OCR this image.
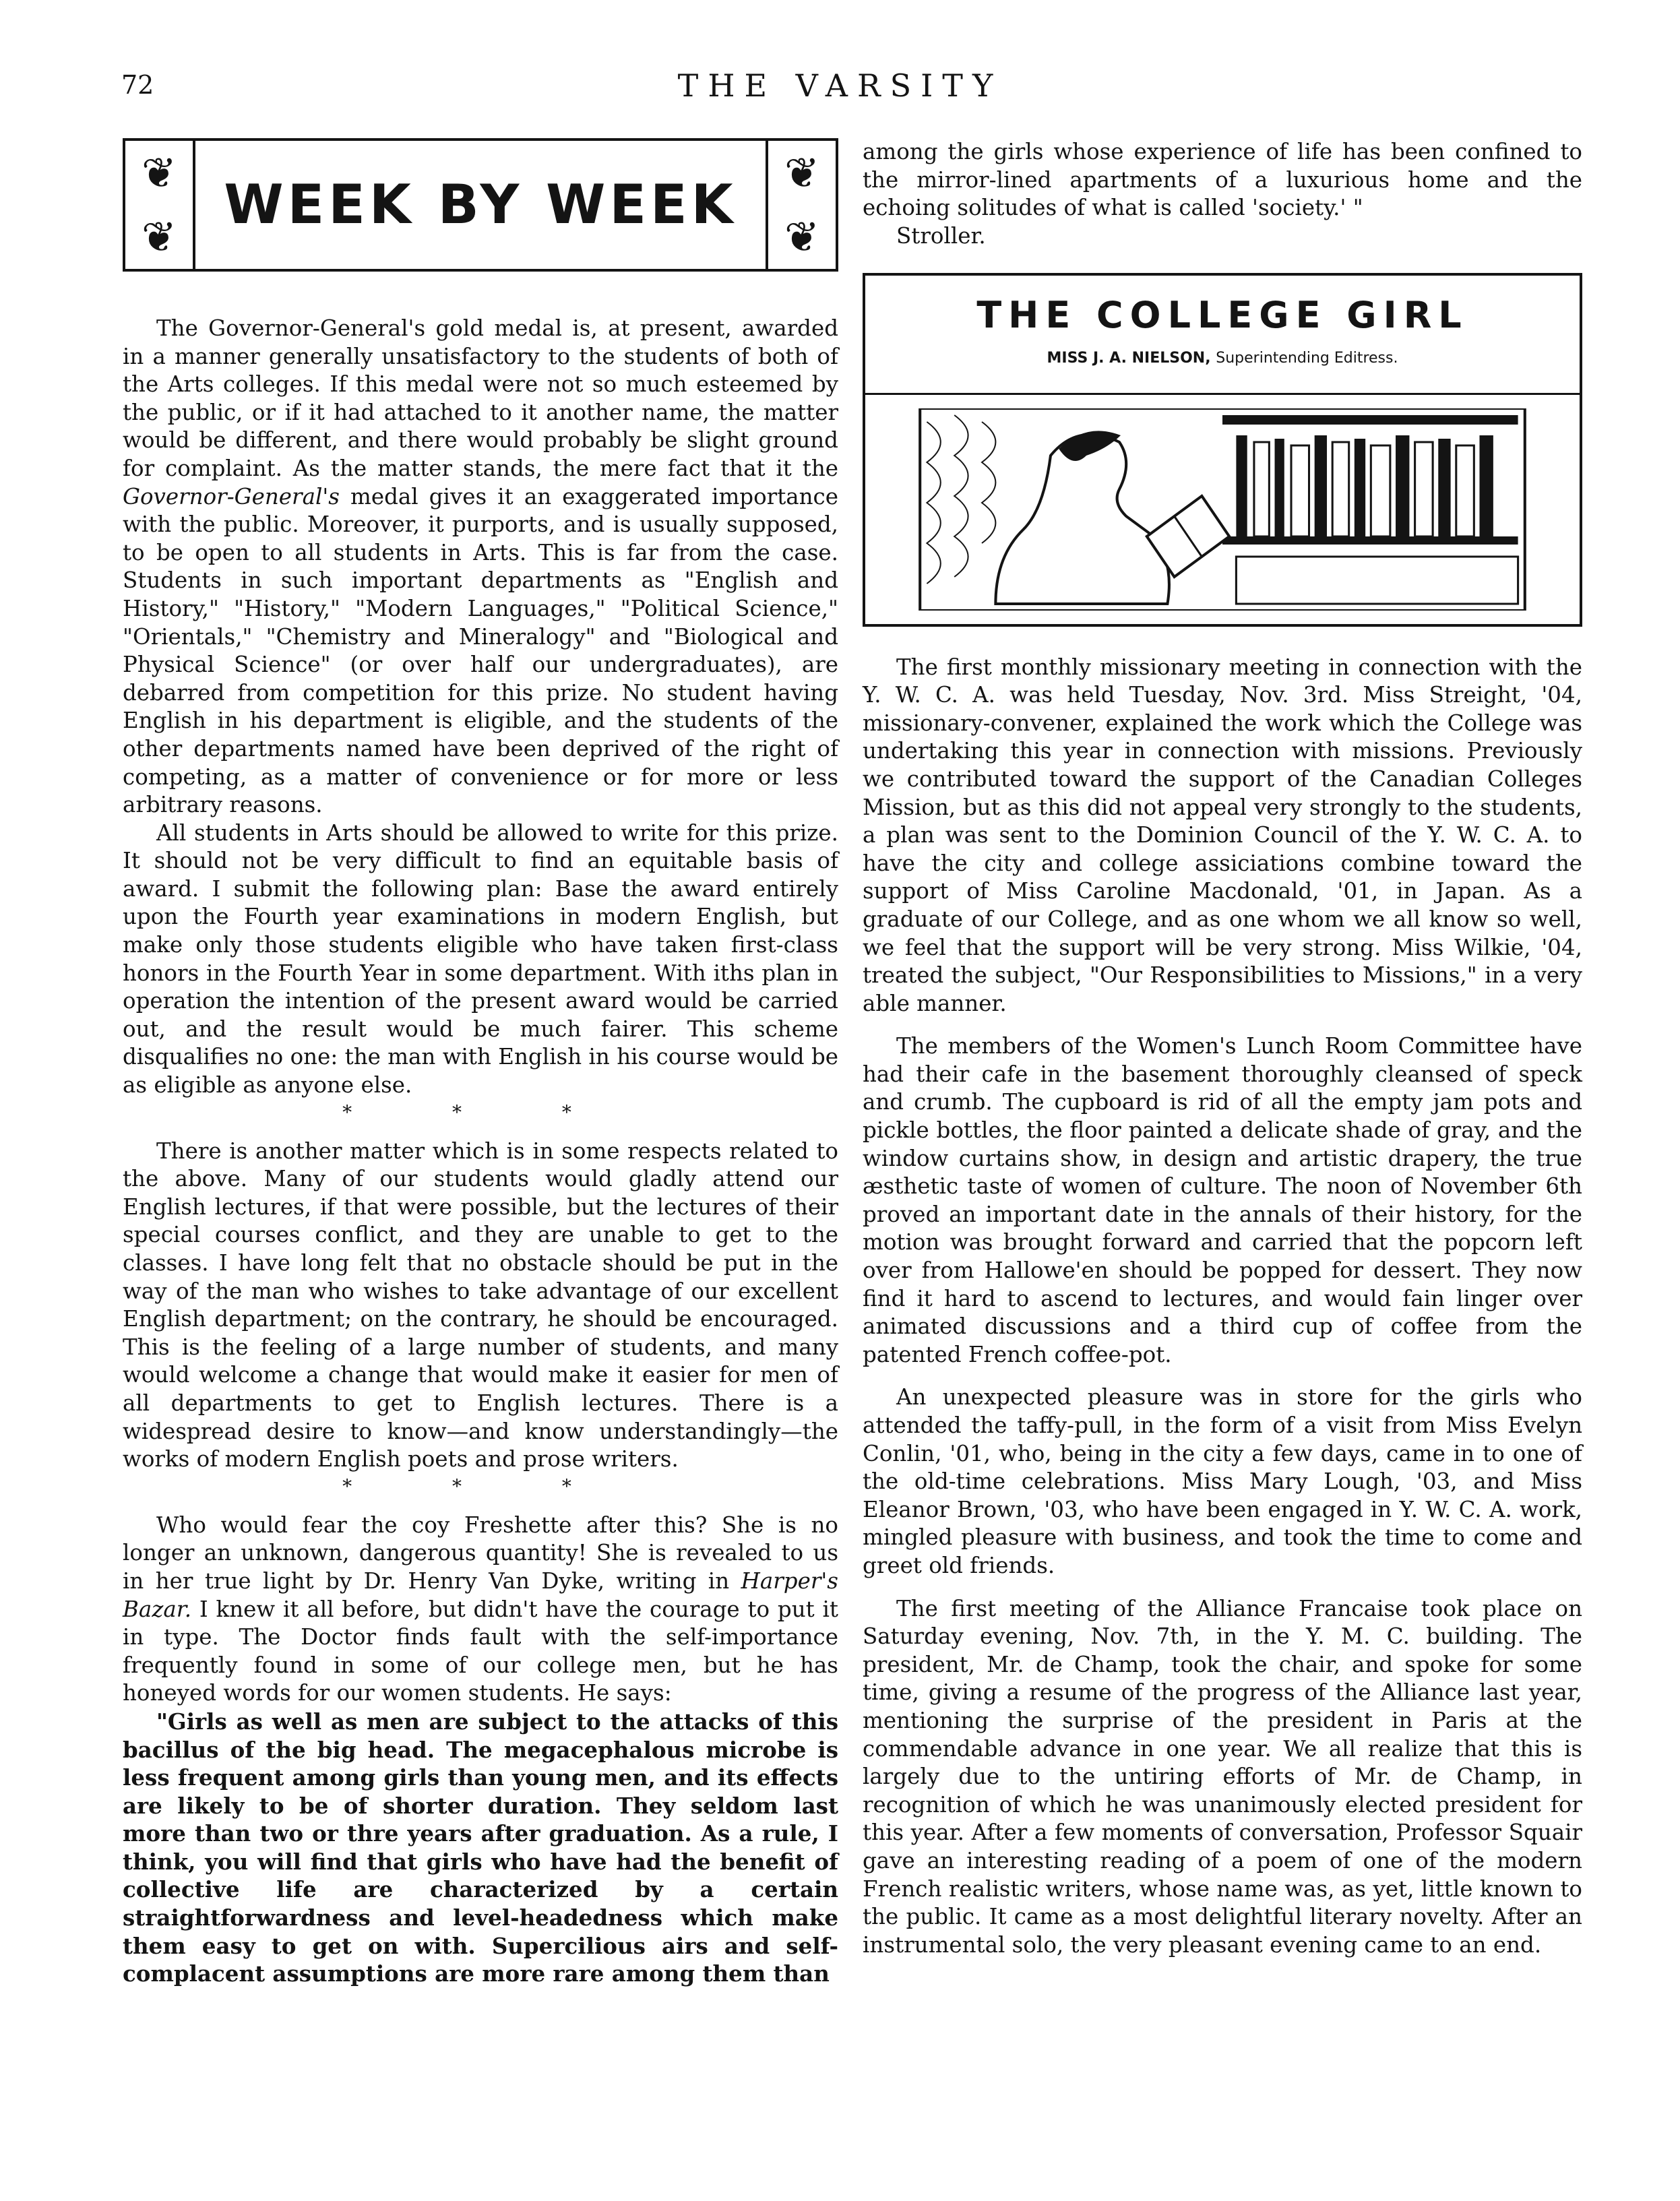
72	THE VARSITY
❦
❦
WEEK BY WEEK
❦
❦

The Governor-General's gold medal is, at present, awarded in a manner generally unsatisfactory to the students of both of the Arts colleges. If this medal were not so much esteemed by the public, or if it had attached to it another name, the matter would be different, and there would probably be slight ground for complaint. As the matter stands, the mere fact that it the Governor-General's medal gives it an exaggerated importance with the public. Moreover, it purports, and is usually supposed, to be open to all students in Arts. This is far from the case. Students in such important departments as "English and History," "History," "Modern Languages," "Political Science," "Orientals," "Chemistry and Mineralogy" and "Biological and Physical Science" (or over half our undergraduates), are debarred from competition for this prize. No student having English in his department is eligible, and the students of the other departments named have been deprived of the right of competing, as a matter of convenience or for more or less arbitrary reasons.

All students in Arts should be allowed to write for this prize. It should not be very difficult to find an equitable basis of award. I submit the following plan: Base the award entirely upon the Fourth year examinations in modern English, but make only those students eligible who have taken first-class honors in the Fourth Year in some department. With iths plan in operation the intention of the present award would be carried out, and the result would be much fairer. This scheme disqualifies no one: the man with English in his course would be as eligible as anyone else.

* * *

There is another matter which is in some respects related to the above. Many of our students would gladly attend our English lectures, if that were possible, but the lectures of their special courses conflict, and they are unable to get to the classes. I have long felt that no obstacle should be put in the way of the man who wishes to take advantage of our excellent English department; on the contrary, he should be encouraged. This is the feeling of a large number of students, and many would welcome a change that would make it easier for men of all departments to get to English lectures. There is a widespread desire to know—and know understandingly—the works of modern English poets and prose writers.

* * *

Who would fear the coy Freshette after this? She is no longer an unknown, dangerous quantity! She is revealed to us in her true light by Dr. Henry Van Dyke, writing in Harper's Bazar. I knew it all before, but didn't have the courage to put it in type. The Doctor finds fault with the self-importance frequently found in some of our college men, but he has honeyed words for our women students. He says:

"Girls as well as men are subject to the attacks of this bacillus of the big head. The megacephalous microbe is less frequent among girls than young men, and its effects are likely to be of shorter duration. They seldom last more than two or thre years after graduation. As a rule, I think, you will find that girls who have had the benefit of collective life are characterized by a certain straightforwardness and level-headedness which make them easy to get on with. Supercilious airs and self-complacent assumptions are more rare among them than

among the girls whose experience of life has been confined to the mirror-lined apartments of a luxurious home and the echoing solitudes of what is called 'society.' "

Stroller.

THE COLLEGE GIRL
MISS J. A. NIELSON, Superintending Editress.

The first monthly missionary meeting in connection with the Y. W. C. A. was held Tuesday, Nov. 3rd. Miss Streight, '04, missionary-convener, explained the work which the College was undertaking this year in connection with missions. Previously we contributed toward the support of the Canadian Colleges Mission, but as this did not appeal very strongly to the students, a plan was sent to the Dominion Council of the Y. W. C. A. to have the city and college assiciations combine toward the support of Miss Caroline Macdonald, '01, in Japan. As a graduate of our College, and as one whom we all know so well, we feel that the support will be very strong. Miss Wilkie, '04, treated the subject, "Our Responsibilities to Missions," in a very able manner.

The members of the Women's Lunch Room Committee have had their cafe in the basement thoroughly cleansed of speck and crumb. The cupboard is rid of all the empty jam pots and pickle bottles, the floor painted a delicate shade of gray, and the window curtains show, in design and artistic drapery, the true æsthetic taste of women of culture. The noon of November 6th proved an important date in the annals of their history, for the motion was brought forward and carried that the popcorn left over from Hallowe'en should be popped for dessert. They now find it hard to ascend to lectures, and would fain linger over animated discussions and a third cup of coffee from the patented French coffee-pot.

An unexpected pleasure was in store for the girls who attended the taffy-pull, in the form of a visit from Miss Evelyn Conlin, '01, who, being in the city a few days, came in to one of the old-time celebrations. Miss Mary Lough, '03, and Miss Eleanor Brown, '03, who have been engaged in Y. W. C. A. work, mingled pleasure with business, and took the time to come and greet old friends.

The first meeting of the Alliance Francaise took place on Saturday evening, Nov. 7th, in the Y. M. C. building. The president, Mr. de Champ, took the chair, and spoke for some time, giving a resume of the progress of the Alliance last year, mentioning the surprise of the president in Paris at the commendable advance in one year. We all realize that this is largely due to the untiring efforts of Mr. de Champ, in recognition of which he was unanimously elected president for this year. After a few moments of conversation, Professor Squair gave an interesting reading of a poem of one of the modern French realistic writers, whose name was, as yet, little known to the public. It came as a most delightful literary novelty. After an instrumental solo, the very pleasant evening came to an end.
